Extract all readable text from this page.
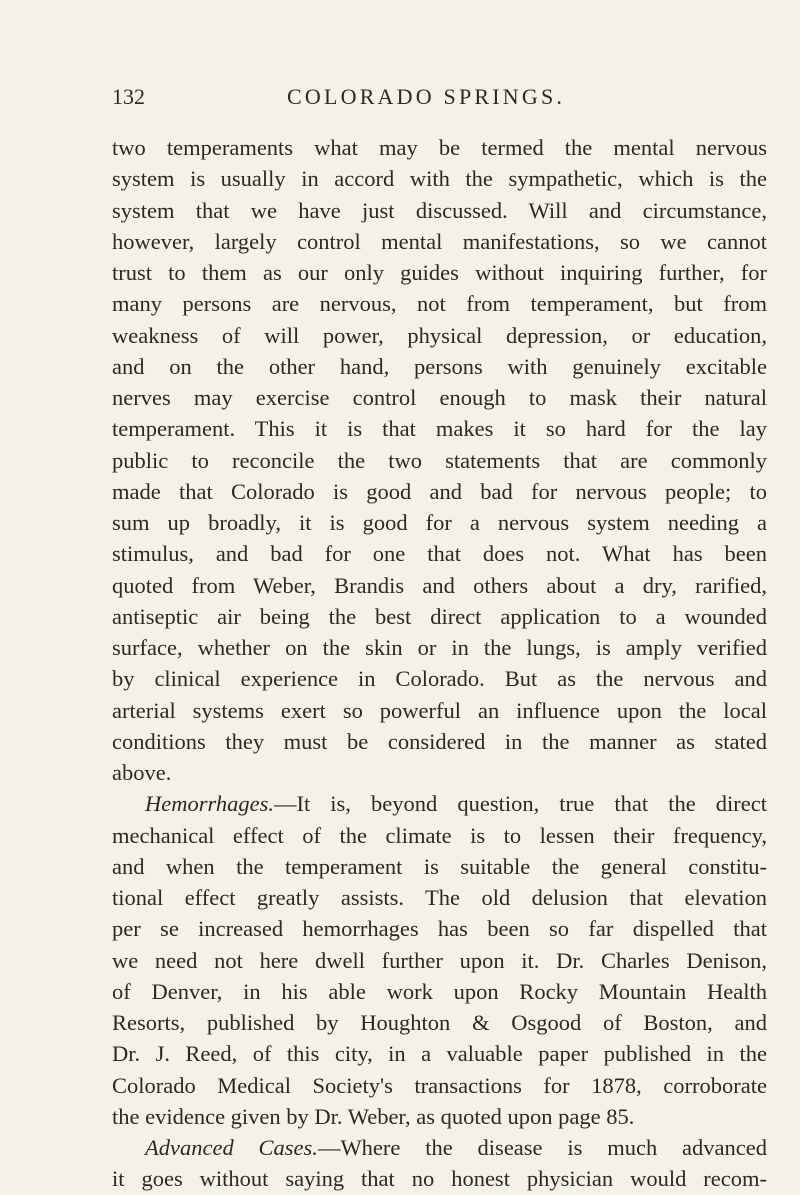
132	COLORADO SPRINGS.
two temperaments what may be termed the mental nervous
system is usually in accord with the sympathetic, which is the
system that we have just discussed. Will and circumstance,
however, largely control mental manifestations, so we cannot
trust to them as our only guides without inquiring further, for
many persons are nervous, not from temperament, but from
weakness of will power, physical depression, or education,
and on the other hand, persons with genuinely excitable
nerves may exercise control enough to mask their natural
temperament. This it is that makes it so hard for the lay
public to reconcile the two statements that are commonly
made that Colorado is good and bad for nervous people; to
sum up broadly, it is good for a nervous system needing a
stimulus, and bad for one that does not. What has been
quoted from Weber, Brandis and others about a dry, rarified,
antiseptic air being the best direct application to a wounded
surface, whether on the skin or in the lungs, is amply verified
by clinical experience in Colorado. But as the nervous and
arterial systems exert so powerful an influence upon the local
conditions they must be considered in the manner as stated
above.
Hemorrhages.—It is, beyond question, true that the direct
mechanical effect of the climate is to lessen their frequency,
and when the temperament is suitable the general constitu-
tional effect greatly assists. The old delusion that elevation
per se increased hemorrhages has been so far dispelled that
we need not here dwell further upon it. Dr. Charles Denison,
of Denver, in his able work upon Rocky Mountain Health
Resorts, published by Houghton & Osgood of Boston, and
Dr. J. Reed, of this city, in a valuable paper published in the
Colorado Medical Society's transactions for 1878, corroborate
the evidence given by Dr. Weber, as quoted upon page 85.
Advanced Cases.—Where the disease is much advanced
it goes without saying that no honest physician would recom-
